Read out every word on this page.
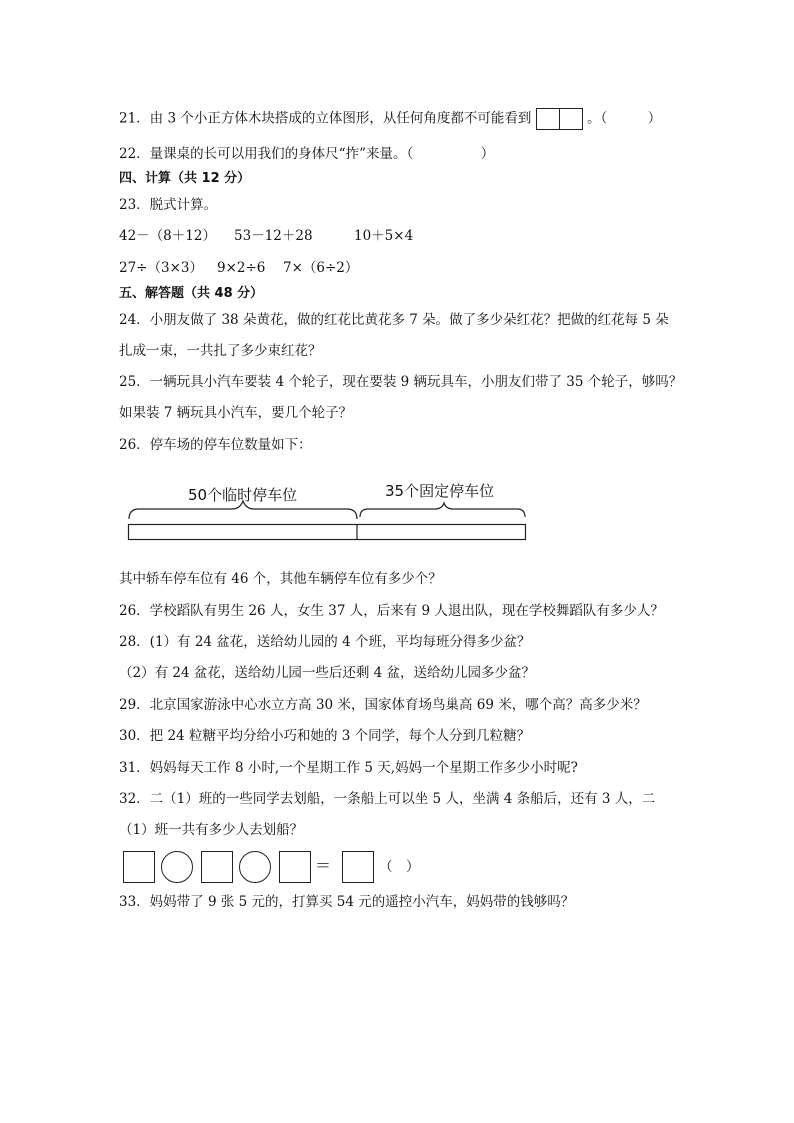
21．由 3 个小正方体木块搭成的立体图形，从任何角度都不可能看到	。（　　　）
22．量课桌的长可以用我们的身体尺“拃”来量。（　　　　　）
四、计算（共 12 分）
23．脱式计算。
42－（8＋12） 53－12＋28	10＋5×4
27÷（3×3） 9×2÷6 7×（6÷2）
五、解答题（共 48 分）
24．小朋友做了 38 朵黄花，做的红花比黄花多 7 朵。做了多少朵红花？把做的红花每 5 朵
扎成一束，一共扎了多少束红花？
25．一辆玩具小汽车要装 4 个轮子，现在要装 9 辆玩具车，小朋友们带了 35 个轮子，够吗？
如果装 7 辆玩具小汽车，要几个轮子？
26．停车场的停车位数量如下：
50个临时停车位	35个固定停车位
其中轿车停车位有 46 个，其他车辆停车位有多少个？
26．学校蹈队有男生 26 人，女生 37 人，后来有 9 人退出队，现在学校舞蹈队有多少人？
28．(1）有 24 盆花，送给幼儿园的 4 个班，平均每班分得多少盆？
（2）有 24 盆花，送给幼儿园一些后还剩 4 盆，送给幼儿园多少盆？
29．北京国家游泳中心水立方高 30 米，国家体育场鸟巢高 69 米，哪个高？高多少米？
30．把 24 粒糖平均分给小巧和她的 3 个同学，每个人分到几粒糖？
31．妈妈每天工作 8 小时,一个星期工作 5 天,妈妈一个星期工作多少小时呢?
32．二（1）班的一些同学去划船，一条船上可以坐 5 人，坐满 4 条船后，还有 3 人，二
（1）班一共有多少人去划船？
＝	（　）
33．妈妈带了 9 张 5 元的，打算买 54 元的遥控小汽车，妈妈带的钱够吗？
